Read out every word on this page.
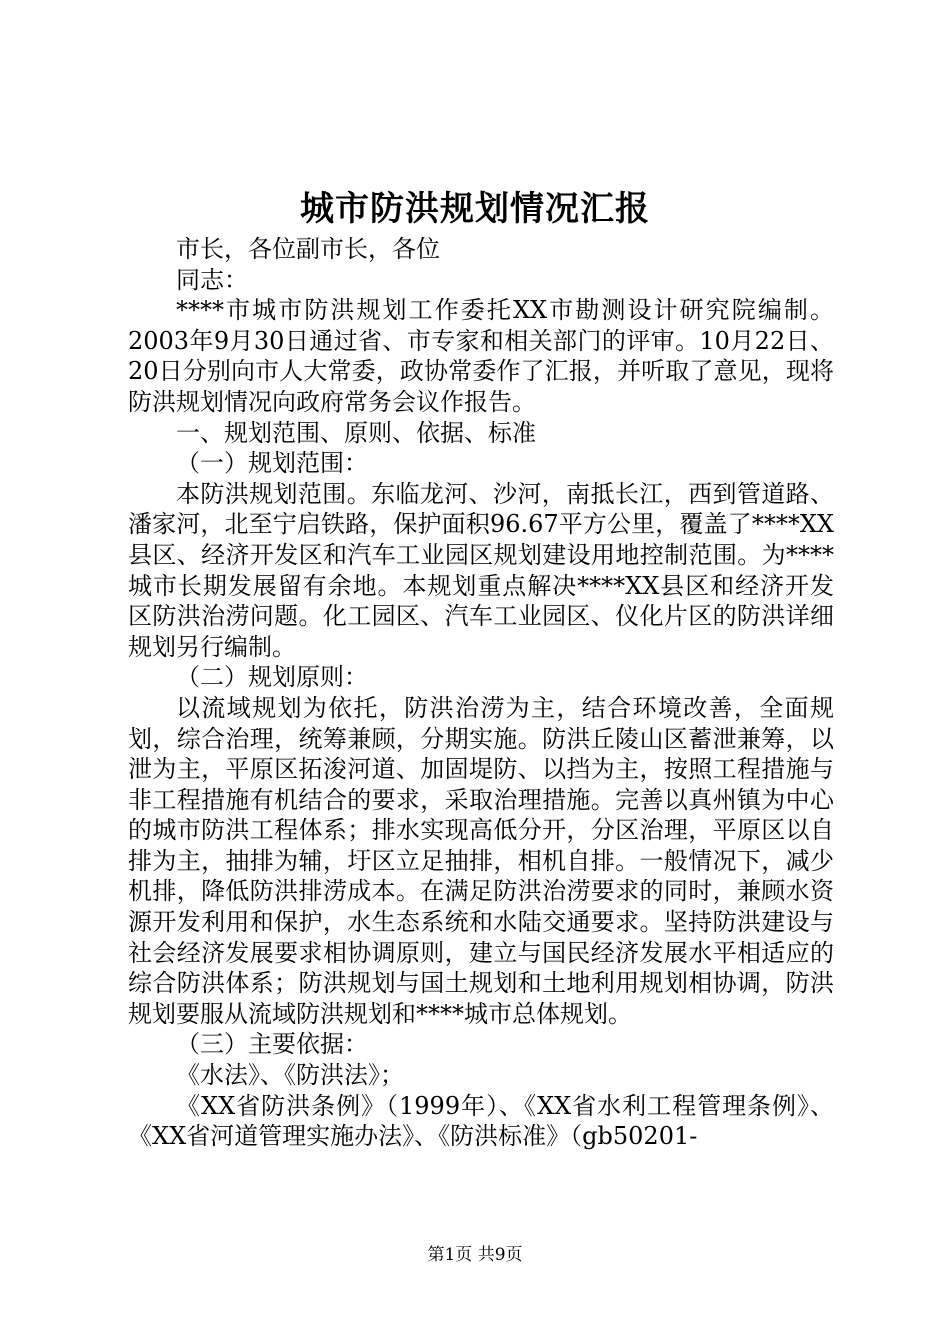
城市防洪规划情况汇报

市长，各位副市长，各位

同志：

****市城市防洪规划工作委托XX市勘测设计研究院编制。2003年9月30日通过省、市专家和相关部门的评审。10月22日、20日分别向市人大常委，政协常委作了汇报，并听取了意见，现将防洪规划情况向政府常务会议作报告。

一、规划范围、原则、依据、标准

（一）规划范围：

本防洪规划范围。东临龙河、沙河，南抵长江，西到管道路、潘家河，北至宁启铁路，保护面积96.67平方公里，覆盖了****XX县区、经济开发区和汽车工业园区规划建设用地控制范围。为****城市长期发展留有余地。本规划重点解决****XX县区和经济开发区防洪治涝问题。化工园区、汽车工业园区、仪化片区的防洪详细规划另行编制。

（二）规划原则：

以流域规划为依托，防洪治涝为主，结合环境改善，全面规划，综合治理，统筹兼顾，分期实施。防洪丘陵山区蓄泄兼筹，以泄为主，平原区拓浚河道、加固堤防、以挡为主，按照工程措施与非工程措施有机结合的要求，采取治理措施。完善以真州镇为中心的城市防洪工程体系；排水实现高低分开，分区治理，平原区以自排为主，抽排为辅，圩区立足抽排，相机自排。一般情况下，减少机排，降低防洪排涝成本。在满足防洪治涝要求的同时，兼顾水资源开发利用和保护，水生态系统和水陆交通要求。坚持防洪建设与社会经济发展要求相协调原则，建立与国民经济发展水平相适应的综合防洪体系；防洪规划与国土规划和土地利用规划相协调，防洪规划要服从流域防洪规划和****城市总体规划。

（三）主要依据：

《水法》、《防洪法》；

《XX省防洪条例》（1999年）、《XX省水利工程管理条例》、《XX省河道管理实施办法》、《防洪标准》（gb50201-

第1页 共9页
